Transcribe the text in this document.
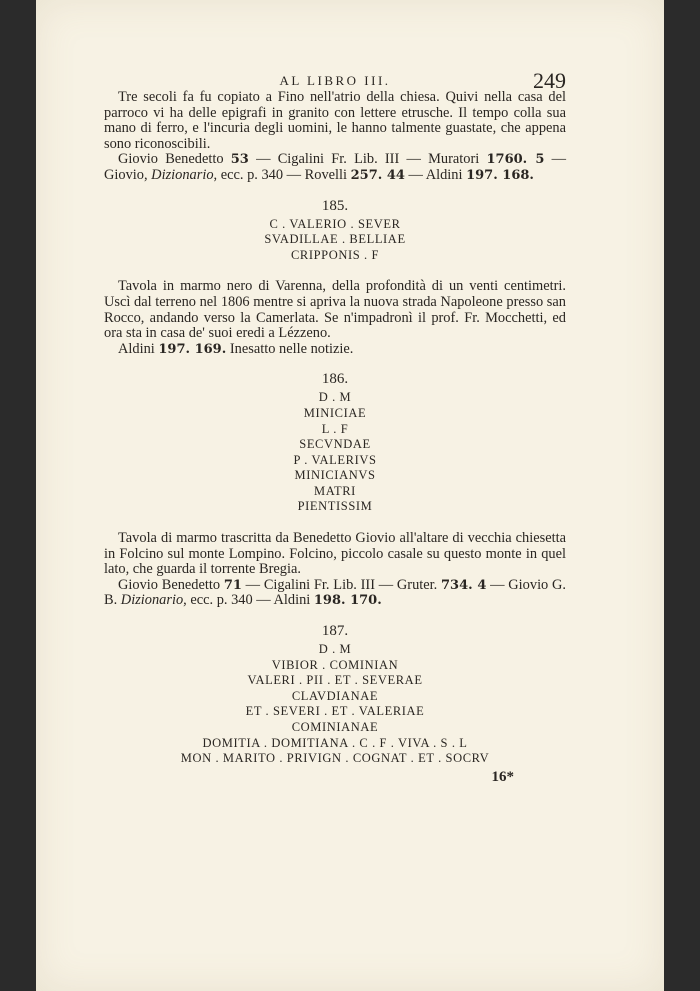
AL LIBRO III.	249

Tre secoli fa fu copiato a Fino nell'atrio della chiesa. Quivi nella casa del parroco vi ha delle epigrafi in granito con lettere etrusche. Il tempo colla sua mano di ferro, e l'incuria degli uomini, le hanno talmente guastate, che appena sono riconoscibili.

Giovio Benedetto 53 — Cigalini Fr. Lib. III — Muratori 1760. 5 — Giovio, Dizionario, ecc. p. 340 — Rovelli 257. 44 — Aldini 197. 168.

185.
C . VALERIO . SEVER
SVADILLAE . BELLIAE
CRIPPONIS . F

Tavola in marmo nero di Varenna, della profondità di un venti centimetri. Uscì dal terreno nel 1806 mentre si apriva la nuova strada Napoleone presso san Rocco, andando verso la Camerlata. Se n'impadronì il prof. Fr. Mocchetti, ed ora sta in casa de' suoi eredi a Lézzeno.

Aldini 197. 169. Inesatto nelle notizie.

186.
D . M
MINICIAE
L . F
SECVNDAE
P . VALERIVS
MINICIANVS
MATRI
PIENTISSIM

Tavola di marmo trascritta da Benedetto Giovio all'altare di vecchia chiesetta in Folcino sul monte Lompino. Folcino, piccolo casale su questo monte in quel lato, che guarda il torrente Bregia.

Giovio Benedetto 71 — Cigalini Fr. Lib. III — Gruter. 734. 4 — Giovio G. B. Dizionario, ecc. p. 340 — Aldini 198. 170.

187.
D . M
VIBIOR . COMINIAN
VALERI . PII . ET . SEVERAE
CLAVDIANAE
ET . SEVERI . ET . VALERIAE
COMINIANAE
DOMITIA . DOMITIANA . C . F . VIVA . S . L
MON . MARITO . PRIVIGN . COGNAT . ET . SOCRV
16*
